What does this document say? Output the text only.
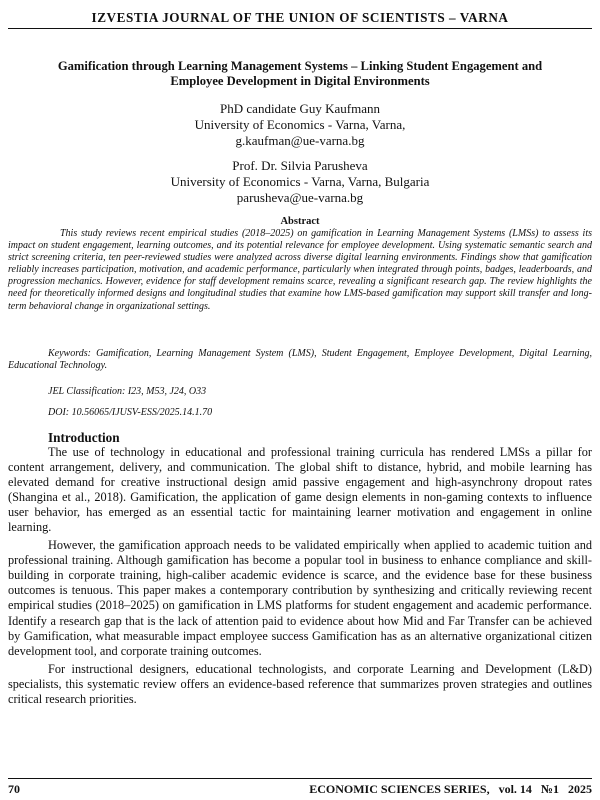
IZVESTIA JOURNAL OF THE UNION OF SCIENTISTS – VARNA
Gamification through Learning Management Systems – Linking Student Engagement and
Employee Development in Digital Environments
PhD candidate Guy Kaufmann
University of Economics - Varna, Varna,
g.kaufman@ue-varna.bg
Prof. Dr. Silvia Parusheva
University of Economics - Varna, Varna, Bulgaria
parusheva@ue-varna.bg
Abstract
This study reviews recent empirical studies (2018–2025) on gamification in Learning Management Systems (LMSs) to assess its impact on student engagement, learning outcomes, and its potential relevance for employee development. Using systematic semantic search and strict screening criteria, ten peer-reviewed studies were analyzed across diverse digital learning environments. Findings show that gamification reliably increases participation, motivation, and academic performance, particularly when integrated through points, badges, leaderboards, and progression mechanics. However, evidence for staff development remains scarce, revealing a significant research gap. The review highlights the need for theoretically informed designs and longitudinal studies that examine how LMS-based gamification may support skill transfer and long-term behavioral change in organizational settings.
Keywords: Gamification, Learning Management System (LMS), Student Engagement, Employee Development, Digital Learning, Educational Technology.
JEL Classification: I23, M53, J24, O33
DOI: 10.56065/IJUSV-ESS/2025.14.1.70
Introduction

The use of technology in educational and professional training curricula has rendered LMSs a pillar for content arrangement, delivery, and communication. The global shift to distance, hybrid, and mobile learning has elevated demand for creative instructional design amid passive engagement and high-asynchrony dropout rates (Shangina et al., 2018). Gamification, the application of game design elements in non-gaming contexts to influence user behavior, has emerged as an essential tactic for maintaining learner motivation and engagement in online learning.

However, the gamification approach needs to be validated empirically when applied to academic tuition and professional training. Although gamification has become a popular tool in business to enhance compliance and skill-building in corporate training, high-caliber academic evidence is scarce, and the evidence base for these business outcomes is tenuous. This paper makes a contemporary contribution by synthesizing and critically reviewing recent empirical studies (2018–2025) on gamification in LMS platforms for student engagement and academic performance. Identify a research gap that is the lack of attention paid to evidence about how Mid and Far Transfer can be achieved by Gamification, what measurable impact employee success Gamification has as an alternative organizational citizen development tool, and corporate training outcomes.

For instructional designers, educational technologists, and corporate Learning and Development (L&D) specialists, this systematic review offers an evidence-based reference that summarizes proven strategies and outlines critical research priorities.

70	ECONOMIC SCIENCES SERIES,   vol. 14   №1   2025
